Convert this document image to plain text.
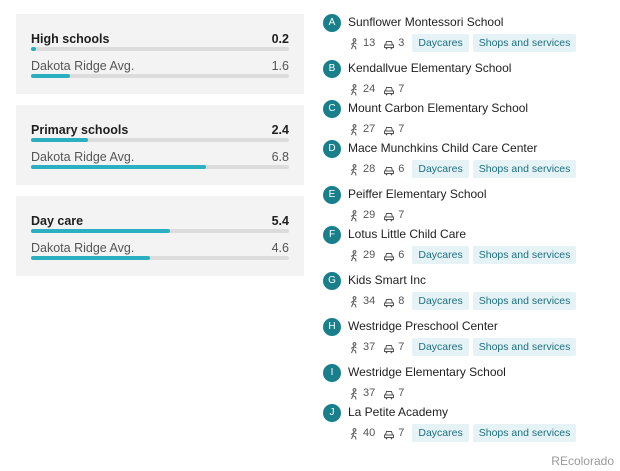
High schools	0.2
Dakota Ridge Avg.	1.6
Primary schools	2.4
Dakota Ridge Avg.	6.8
Day care	5.4
Dakota Ridge Avg.	4.6
A	Sunflower Montessori School
13 3	Daycares	Shops and services
B	Kendallvue Elementary School
24 7
C	Mount Carbon Elementary School
27 7
D	Mace Munchkins Child Care Center
28 6	Daycares	Shops and services
E	Peiffer Elementary School
29 7
F	Lotus Little Child Care
29 6	Daycares	Shops and services
G	Kids Smart Inc
34 8	Daycares	Shops and services
H	Westridge Preschool Center
37 7	Daycares	Shops and services
I	Westridge Elementary School
37 7
J	La Petite Academy
40 7	Daycares	Shops and services
REcolorado
